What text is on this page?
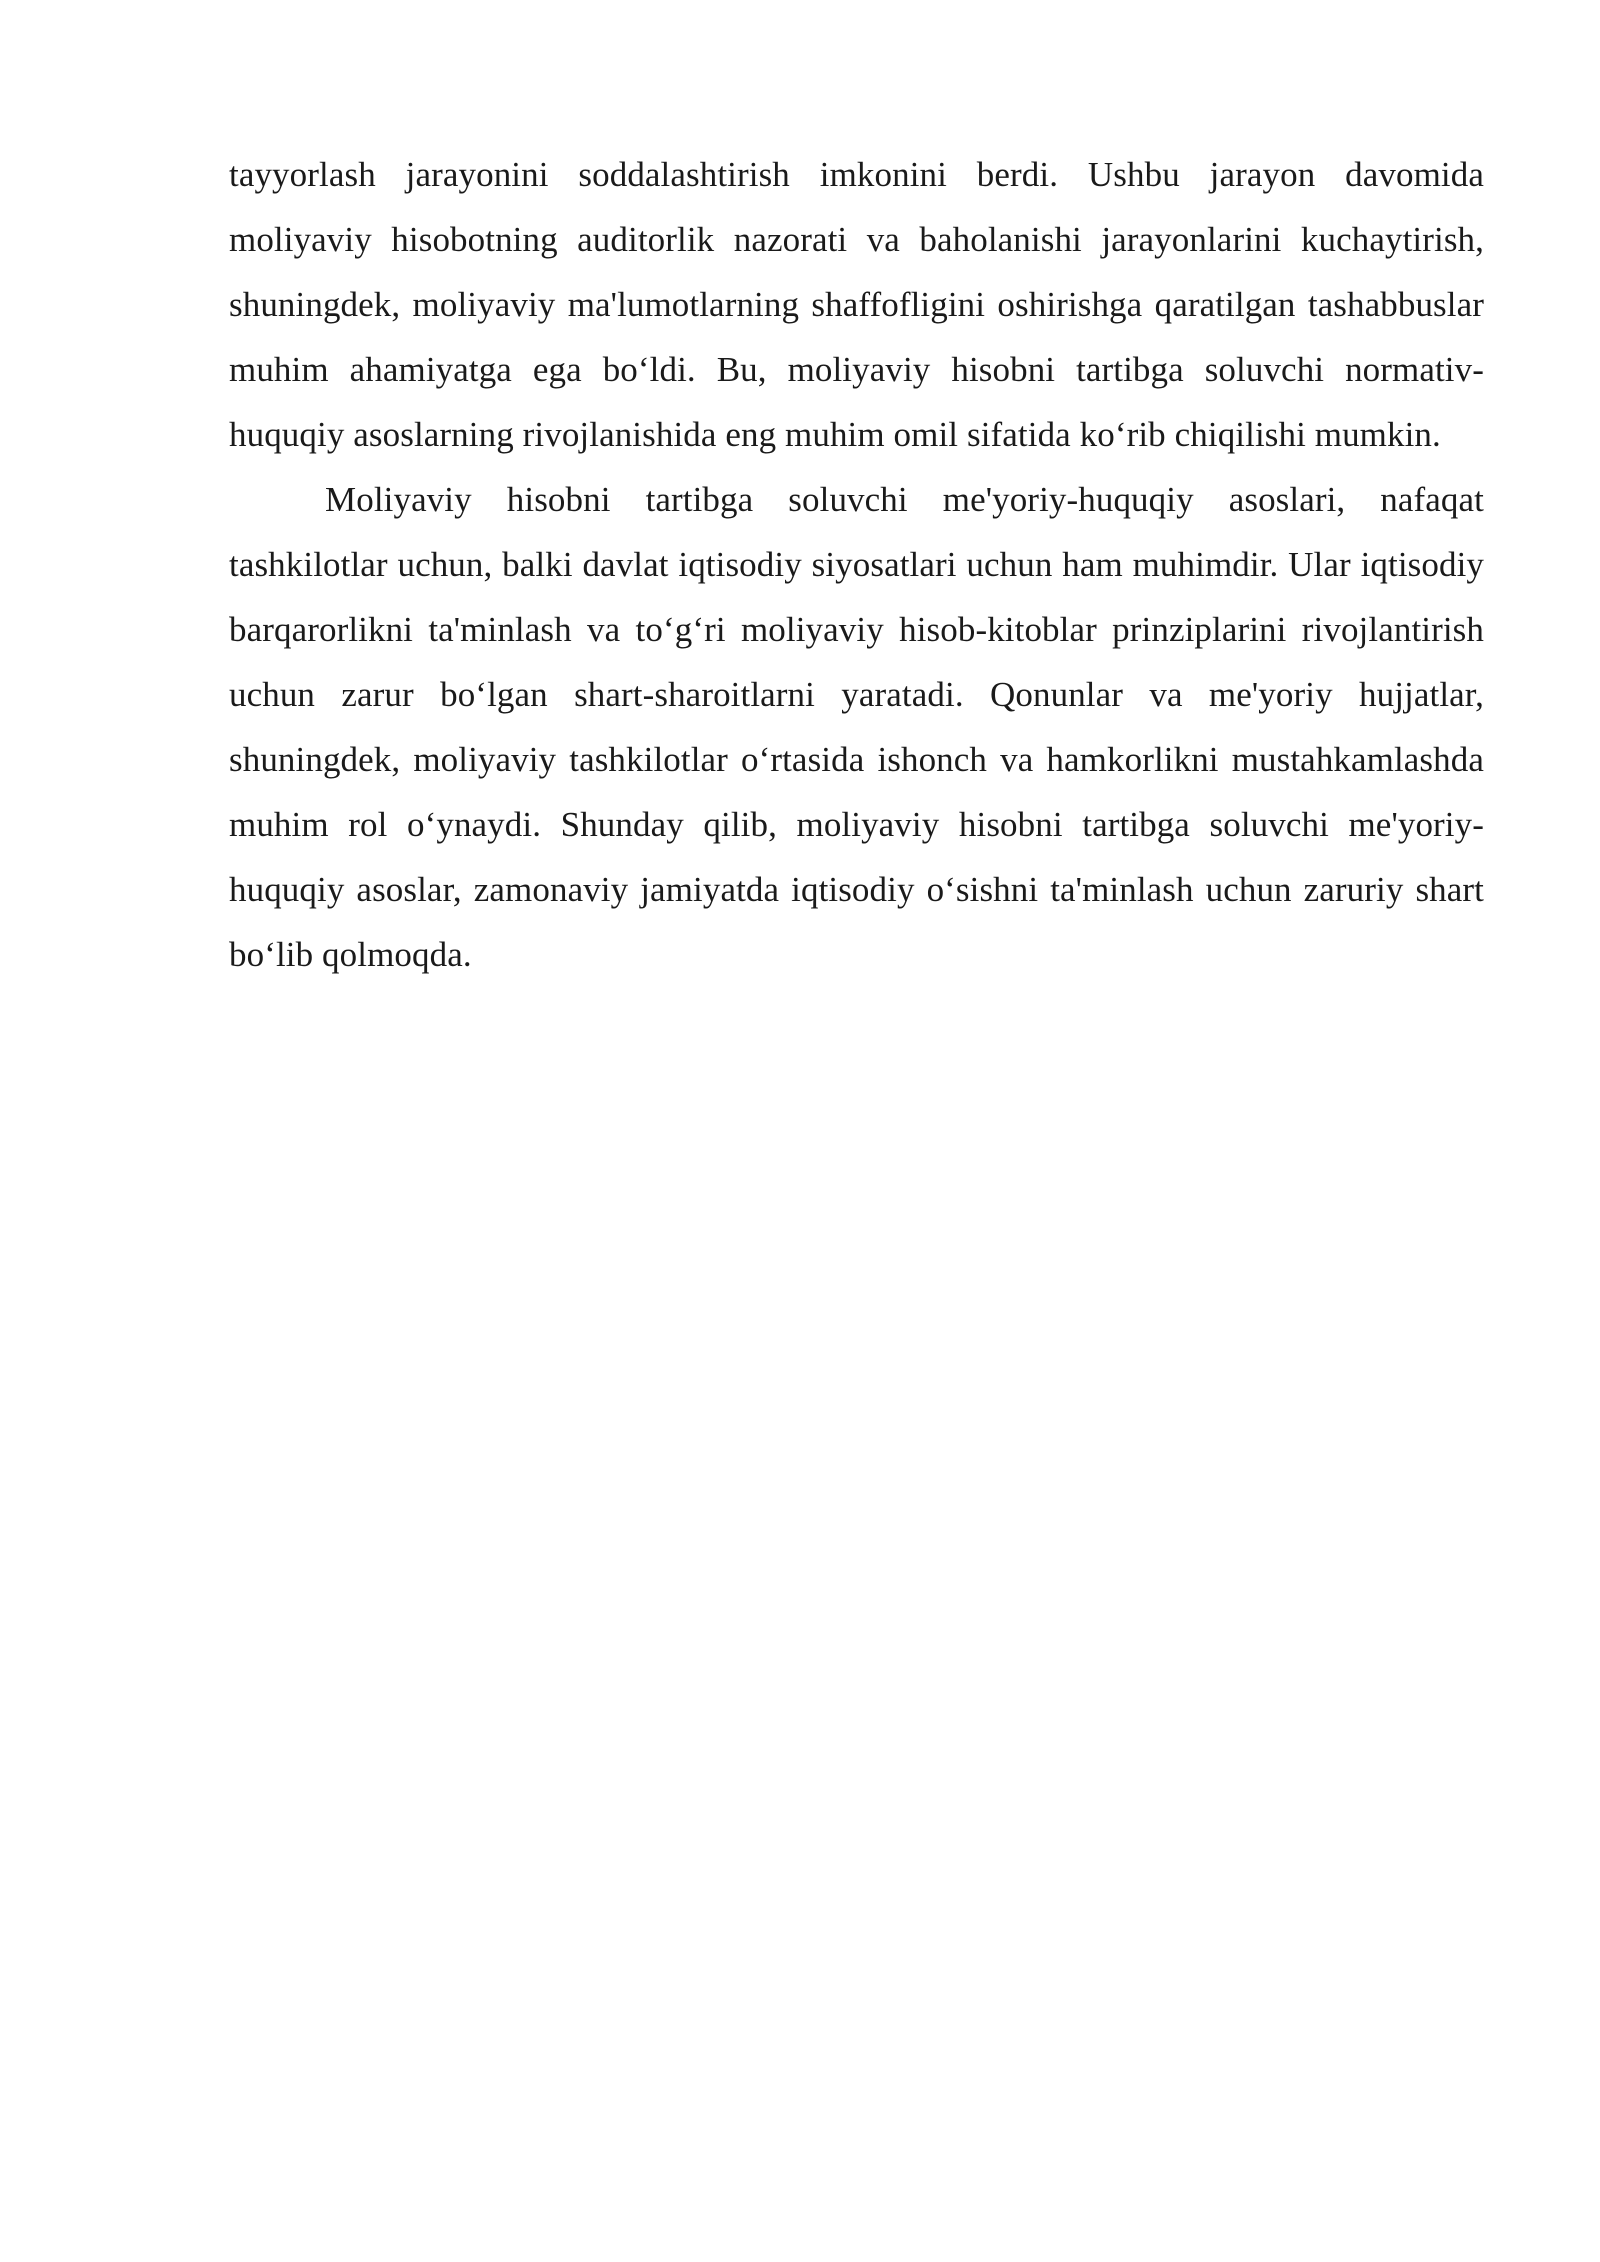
tayyorlash jarayonini soddalashtirish imkonini berdi. Ushbu jarayon davomida moliyaviy hisobotning auditorlik nazorati va baholanishi jarayonlarini kuchaytirish, shuningdek, moliyaviy ma'lumotlarning shaffofligini oshirishga qaratilgan tashabbuslar muhim ahamiyatga ega bo‘ldi. Bu, moliyaviy hisobni tartibga soluvchi normativ-huquqiy asoslarning rivojlanishida eng muhim omil sifatida ko‘rib chiqilishi mumkin.

Moliyaviy hisobni tartibga soluvchi me'yoriy-huquqiy asoslari, nafaqat tashkilotlar uchun, balki davlat iqtisodiy siyosatlari uchun ham muhimdir. Ular iqtisodiy barqarorlikni ta'minlash va to‘g‘ri moliyaviy hisob-kitoblar prinziplarini rivojlantirish uchun zarur bo‘lgan shart-sharoitlarni yaratadi. Qonunlar va me'yoriy hujjatlar, shuningdek, moliyaviy tashkilotlar o‘rtasida ishonch va hamkorlikni mustahkamlashda muhim rol o‘ynaydi. Shunday qilib, moliyaviy hisobni tartibga soluvchi me'yoriy-huquqiy asoslar, zamonaviy jamiyatda iqtisodiy o‘sishni ta'minlash uchun zaruriy shart bo‘lib qolmoqda.
